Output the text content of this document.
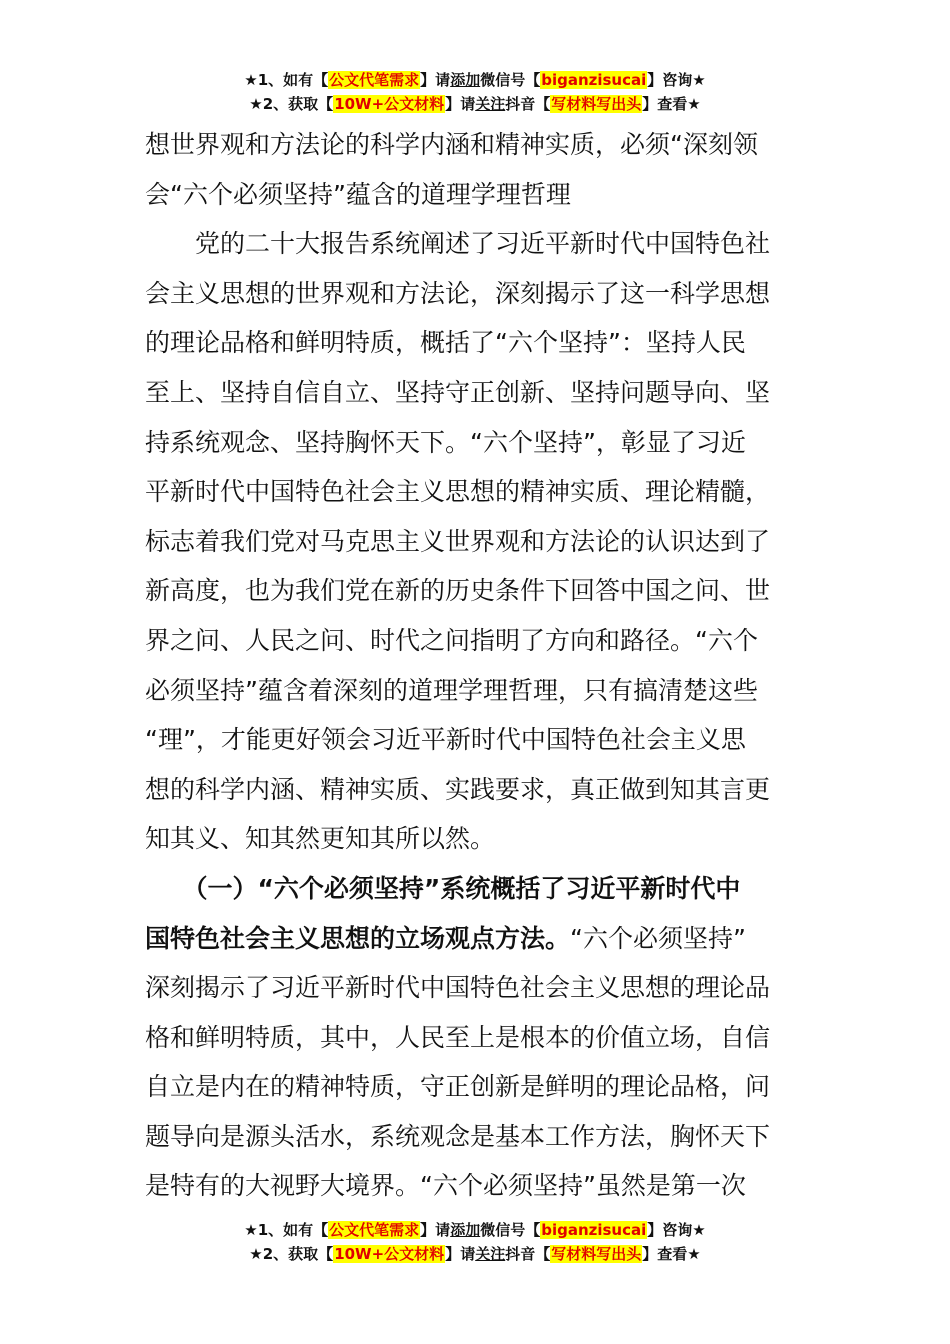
★1、如有【公文代笔需求】请添加微信号【biganzisucai】咨询★
★2、获取【10W+公文材料】请关注抖音【写材料写出头】查看★
想世界观和方法论的科学内涵和精神实质，必须“深刻领
会“六个必须坚持”蕴含的道理学理哲理
　　党的二十大报告系统阐述了习近平新时代中国特色社
会主义思想的世界观和方法论，深刻揭示了这一科学思想
的理论品格和鲜明特质，概括了“六个坚持”：坚持人民
至上、坚持自信自立、坚持守正创新、坚持问题导向、坚
持系统观念、坚持胸怀天下。“六个坚持”，彰显了习近
平新时代中国特色社会主义思想的精神实质、理论精髓，
标志着我们党对马克思主义世界观和方法论的认识达到了
新高度，也为我们党在新的历史条件下回答中国之问、世
界之问、人民之问、时代之问指明了方向和路径。“六个
必须坚持”蕴含着深刻的道理学理哲理，只有搞清楚这些
“理”，才能更好领会习近平新时代中国特色社会主义思
想的科学内涵、精神实质、实践要求，真正做到知其言更
知其义、知其然更知其所以然。
　　（一）“六个必须坚持”系统概括了习近平新时代中
国特色社会主义思想的立场观点方法。“六个必须坚持”
深刻揭示了习近平新时代中国特色社会主义思想的理论品
格和鲜明特质，其中，人民至上是根本的价值立场，自信
自立是内在的精神特质，守正创新是鲜明的理论品格，问
题导向是源头活水，系统观念是基本工作方法，胸怀天下
是特有的大视野大境界。“六个必须坚持”虽然是第一次
★1、如有【公文代笔需求】请添加微信号【biganzisucai】咨询★
★2、获取【10W+公文材料】请关注抖音【写材料写出头】查看★
